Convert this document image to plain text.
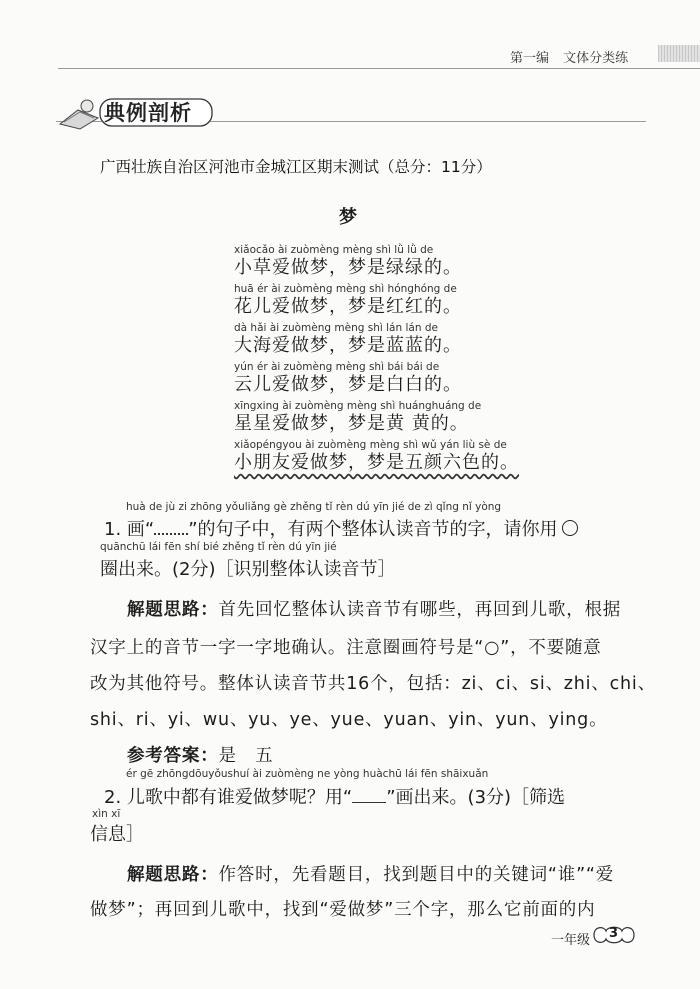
第一编 文体分类练
典例剖析
广西壮族自治区河池市金城江区期末测试（总分：11分）
梦
xiǎocǎo ài zuòmèng mèng shì lǜ lǜ de
小草爱做梦，梦是绿绿的。
huā ér ài zuòmèng mèng shì hónghóng de
花儿爱做梦，梦是红红的。
dà hǎi ài zuòmèng mèng shì lán lán de
大海爱做梦，梦是蓝蓝的。
yún ér ài zuòmèng mèng shì bái bái de
云儿爱做梦，梦是白白的。
xīngxing ài zuòmèng mèng shì huánghuáng de
星星爱做梦，梦是黄 黄的。
xiǎopéngyou ài zuòmèng mèng shì wǔ yán liù sè de
小朋友爱做梦，梦是五颜六色的。
huà de jù zi zhōng yǒuliǎng gè zhěng tǐ rèn dú yīn jié de zì qǐng nǐ yòng
1. 画“ ”的句子中，有两个整体认读音节的字，请你用
quānchū lái fēn shí bié zhěng tǐ rèn dú yīn jié
圈出来。(2分)［识别整体认读音节］
解题思路：首先回忆整体认读音节有哪些，再回到儿歌，根据
汉字上的音节一字一字地确认。注意圈画符号是“○”，不要随意
改为其他符号。整体认读音节共16个，包括：zi、ci、si、zhi、chi、
shi、ri、yi、wu、yu、ye、yue、yuan、yin、yun、ying。
参考答案：是　五
ér gē zhōngdōuyǒushuí ài zuòmèng ne yòng huàchū lái fēn shāixuǎn
2. 儿歌中都有谁爱做梦呢？用“ ”画出来。(3分)［筛选
xìn xī
信息］
解题思路：作答时，先看题目，找到题目中的关键词“谁”“爱
做梦”；再回到儿歌中，找到“爱做梦”三个字，那么它前面的内
一年级 3
